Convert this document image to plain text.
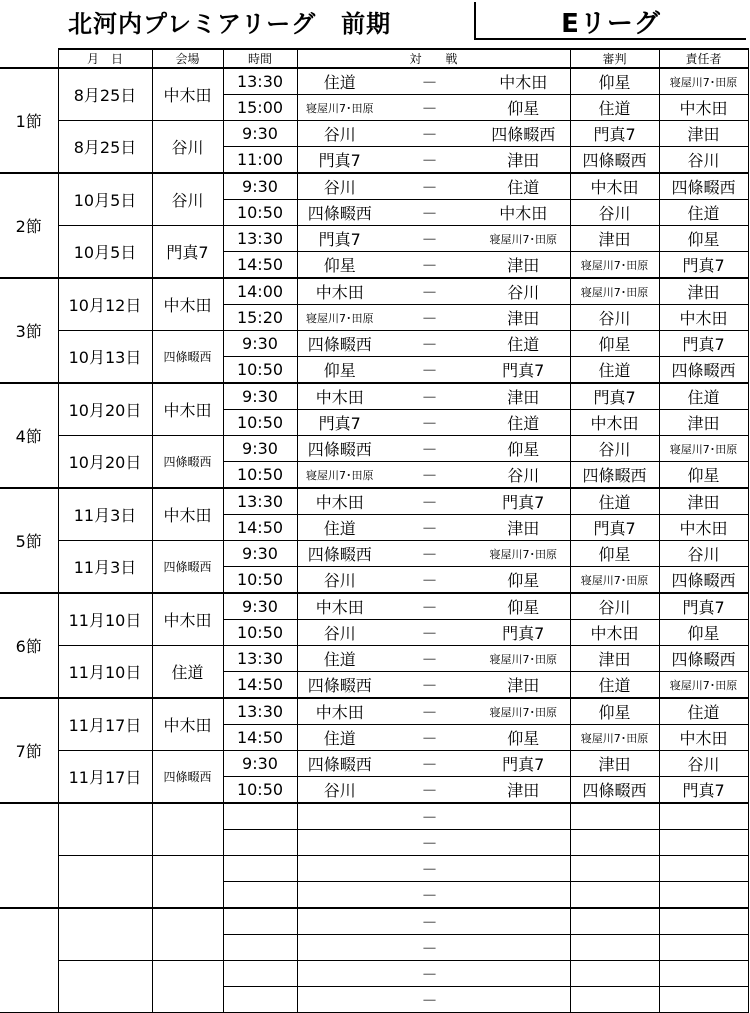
北河内プレミアリーグ　前期	Eリーグ
	月　日	会場	時間	対　　戦			審判	責任者
1節	8月25日	中木田	13:30	住道	－	中木田	仰星	寝屋川7･田原
			15:00	寝屋川7･田原	－	仰星	住道	中木田
	8月25日	谷川	9:30	谷川	－	四條畷西	門真7	津田
			11:00	門真7	－	津田	四條畷西	谷川
2節	10月5日	谷川	9:30	谷川	－	住道	中木田	四條畷西
			10:50	四條畷西	－	中木田	谷川	住道
	10月5日	門真7	13:30	門真7	－	寝屋川7･田原	津田	仰星
			14:50	仰星	－	津田	寝屋川7･田原	門真7
3節	10月12日	中木田	14:00	中木田	－	谷川	寝屋川7･田原	津田
			15:20	寝屋川7･田原	－	津田	谷川	中木田
	10月13日	四條畷西	9:30	四條畷西	－	住道	仰星	門真7
			10:50	仰星	－	門真7	住道	四條畷西
4節	10月20日	中木田	9:30	中木田	－	津田	門真7	住道
			10:50	門真7	－	住道	中木田	津田
	10月20日	四條畷西	9:30	四條畷西	－	仰星	谷川	寝屋川7･田原
			10:50	寝屋川7･田原	－	谷川	四條畷西	仰星
5節	11月3日	中木田	13:30	中木田	－	門真7	住道	津田
			14:50	住道	－	津田	門真7	中木田
	11月3日	四條畷西	9:30	四條畷西	－	寝屋川7･田原	仰星	谷川
			10:50	谷川	－	仰星	寝屋川7･田原	四條畷西
6節	11月10日	中木田	9:30	中木田	－	仰星	谷川	門真7
			10:50	谷川	－	門真7	中木田	仰星
	11月10日	住道	13:30	住道	－	寝屋川7･田原	津田	四條畷西
			14:50	四條畷西	－	津田	住道	寝屋川7･田原
7節	11月17日	中木田	13:30	中木田	－	寝屋川7･田原	仰星	住道
			14:50	住道	－	仰星	寝屋川7･田原	中木田
	11月17日	四條畷西	9:30	四條畷西	－	門真7	津田	谷川
			10:50	谷川	－	津田	四條畷西	門真7
					－			
					－			
					－			
					－			
					－			
					－			
					－			
					－			
